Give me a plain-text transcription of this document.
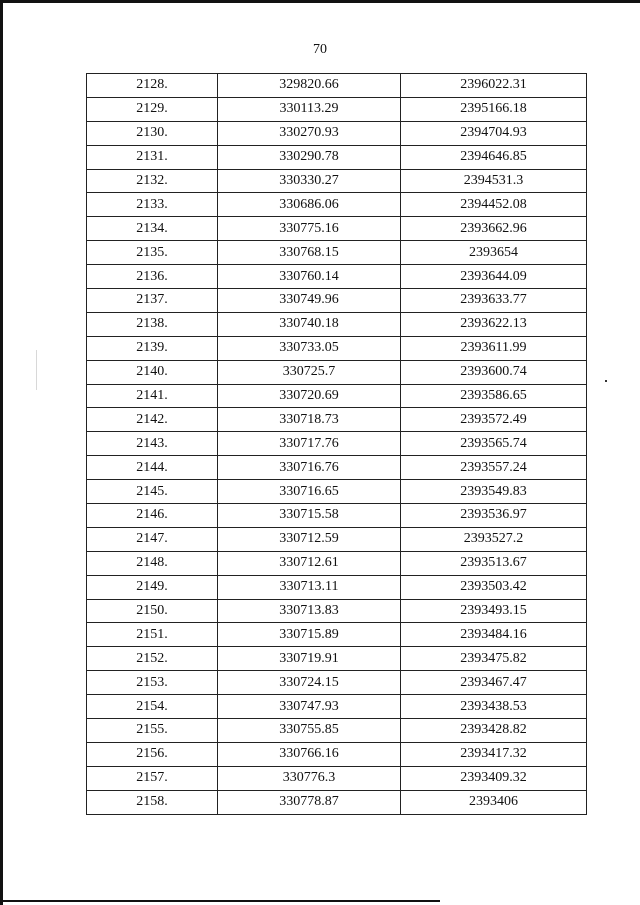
70
2128.	329820.66	2396022.31
2129.	330113.29	2395166.18
2130.	330270.93	2394704.93
2131.	330290.78	2394646.85
2132.	330330.27	2394531.3
2133.	330686.06	2394452.08
2134.	330775.16	2393662.96
2135.	330768.15	2393654
2136.	330760.14	2393644.09
2137.	330749.96	2393633.77
2138.	330740.18	2393622.13
2139.	330733.05	2393611.99
2140.	330725.7	2393600.74
2141.	330720.69	2393586.65
2142.	330718.73	2393572.49
2143.	330717.76	2393565.74
2144.	330716.76	2393557.24
2145.	330716.65	2393549.83
2146.	330715.58	2393536.97
2147.	330712.59	2393527.2
2148.	330712.61	2393513.67
2149.	330713.11	2393503.42
2150.	330713.83	2393493.15
2151.	330715.89	2393484.16
2152.	330719.91	2393475.82
2153.	330724.15	2393467.47
2154.	330747.93	2393438.53
2155.	330755.85	2393428.82
2156.	330766.16	2393417.32
2157.	330776.3	2393409.32
2158.	330778.87	2393406
